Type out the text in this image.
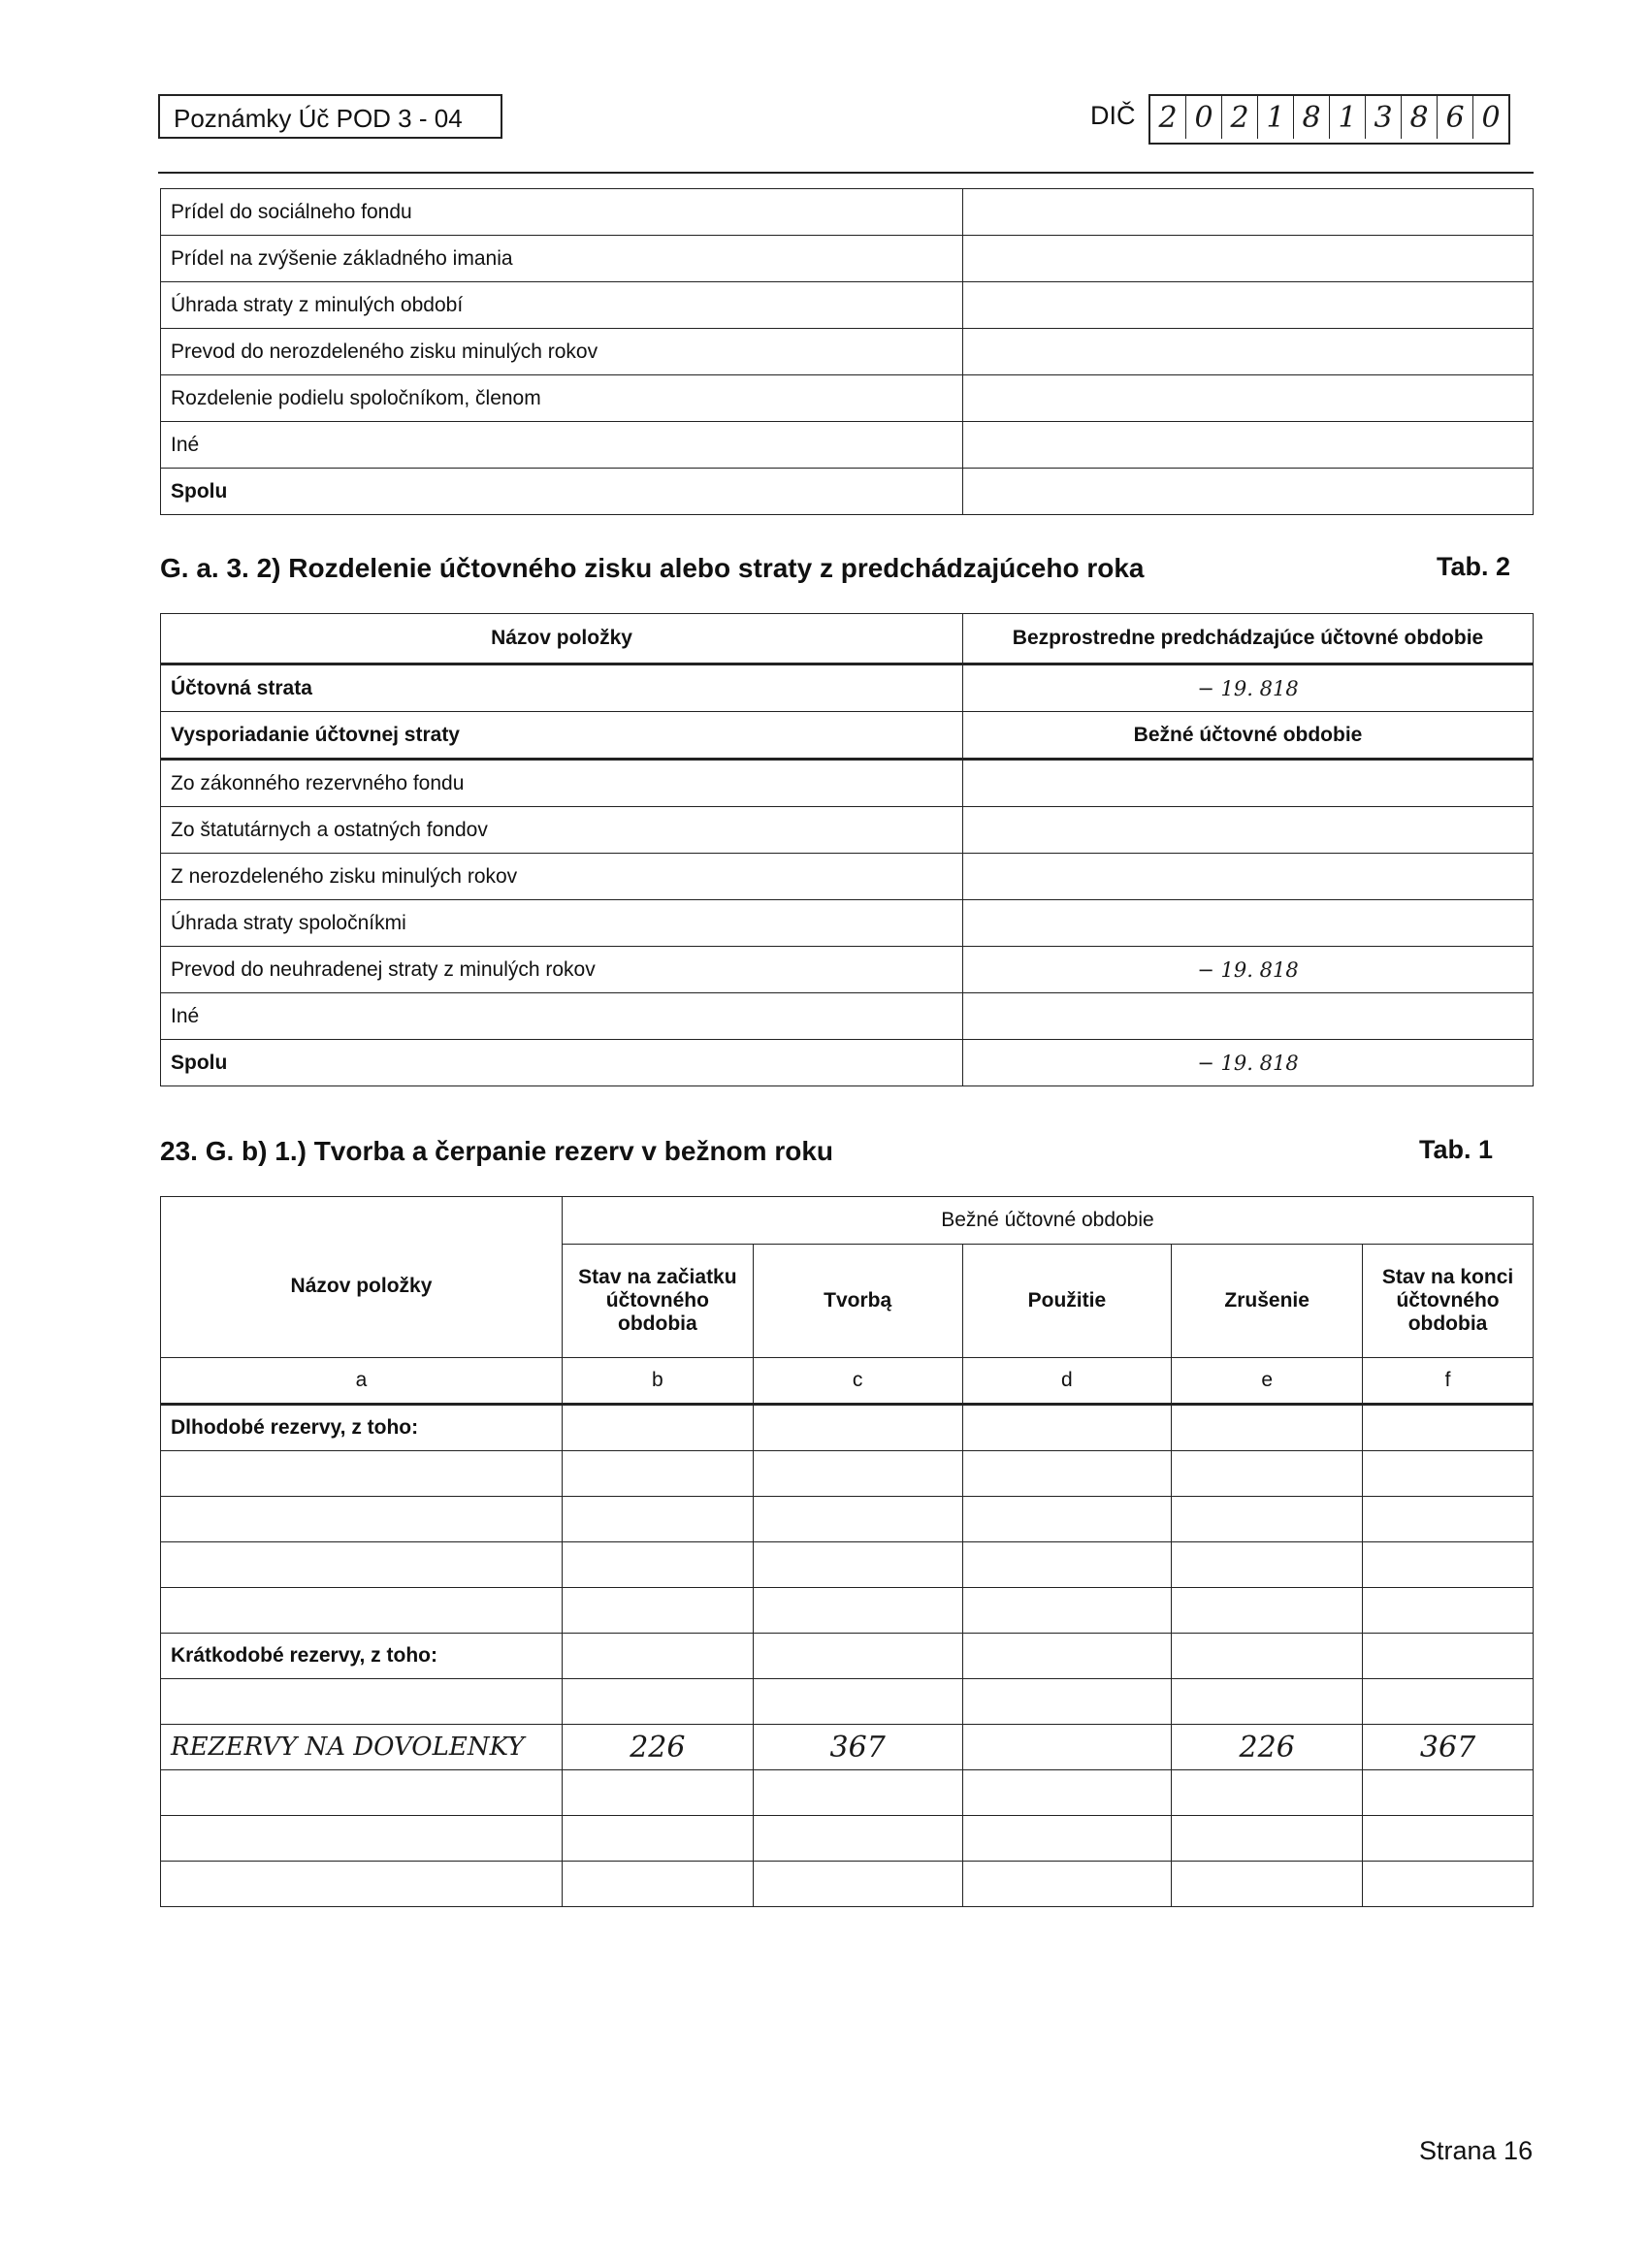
Poznámky Úč POD 3 - 04	DIČ 2 0 2 1 8 1 3 8 6 0
Prídel do sociálneho fondu	
Prídel na zvýšenie základného imania	
Úhrada straty z minulých období	
Prevod do nerozdeleného zisku minulých rokov	
Rozdelenie podielu spoločníkom, členom	
Iné	
Spolu	
G. a. 3. 2) Rozdelenie účtovného zisku alebo straty z predchádzajúceho roka	Tab. 2
Názov položky	Bezprostredne predchádzajúce účtovné obdobie
Účtovná strata	− 19. 818
Vysporiadanie účtovnej straty	Bežné účtovné obdobie
Zo zákonného rezervného fondu	
Zo štatutárnych a ostatných fondov	
Z nerozdeleného zisku minulých rokov	
Úhrada straty spoločníkmi	
Prevod do neuhradenej straty z minulých rokov	− 19. 818
Iné	
Spolu	− 19. 818
23. G. b) 1.) Tvorba a čerpanie rezerv v bežnom roku	Tab. 1
Názov položky	Bežné účtovné obdobie				
	Stav na začiatku účtovného obdobia	Tvorbą	Použitie	Zrušenie	Stav na konci účtovného obdobia
a	b	c	d	e	f
Dlhodobé rezervy, z toho:					

Krátkodobé rezervy, z toho:					

REZERVY NA DOVOLENKY	226	367		226	367

Strana 16
